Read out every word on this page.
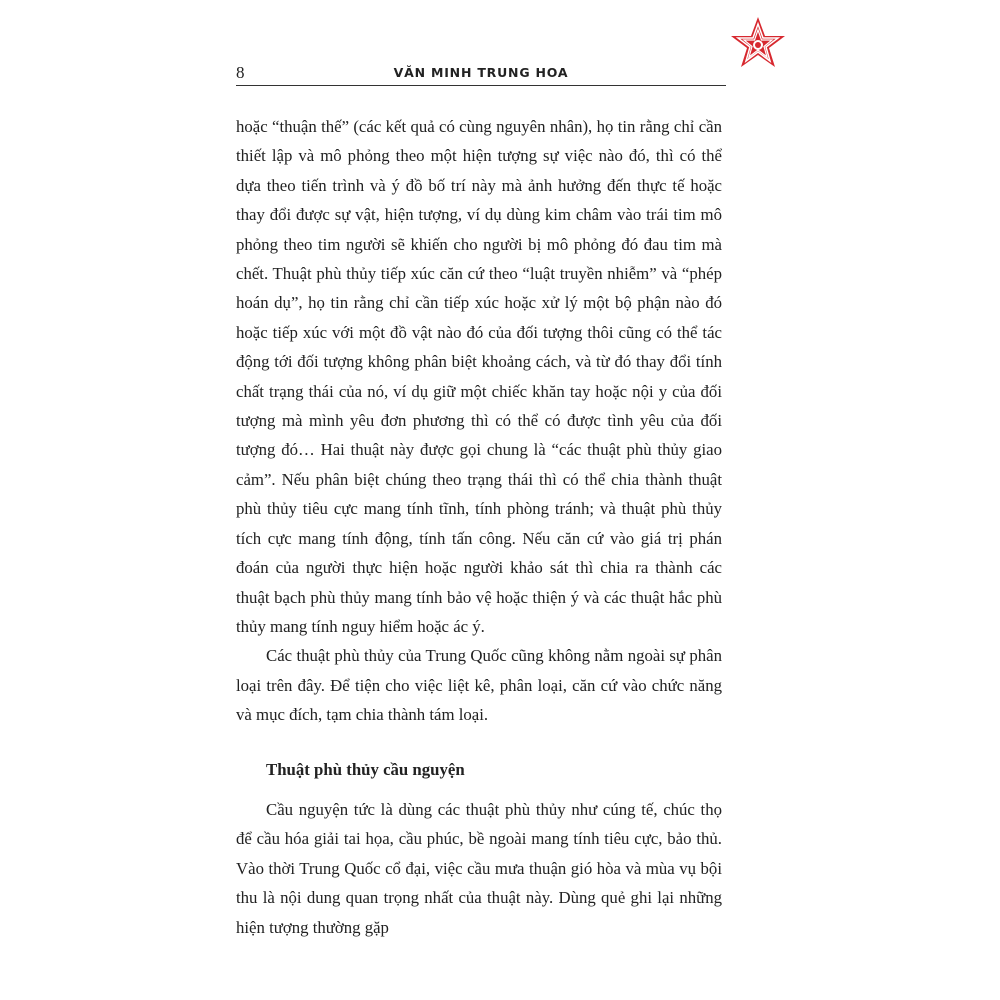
8	VĂN MINH TRUNG HOA

hoặc “thuận thế” (các kết quả có cùng nguyên nhân), họ tin rằng chỉ cần thiết lập và mô phỏng theo một hiện tượng sự việc nào đó, thì có thể dựa theo tiến trình và ý đồ bố trí này mà ảnh hưởng đến thực tế hoặc thay đổi được sự vật, hiện tượng, ví dụ dùng kim châm vào trái tim mô phỏng theo tim người sẽ khiến cho người bị mô phỏng đó đau tim mà chết. Thuật phù thủy tiếp xúc căn cứ theo “luật truyền nhiễm” và “phép hoán dụ”, họ tin rằng chỉ cần tiếp xúc hoặc xử lý một bộ phận nào đó hoặc tiếp xúc với một đồ vật nào đó của đối tượng thôi cũng có thể tác động tới đối tượng không phân biệt khoảng cách, và từ đó thay đổi tính chất trạng thái của nó, ví dụ giữ một chiếc khăn tay hoặc nội y của đối tượng mà mình yêu đơn phương thì có thể có được tình yêu của đối tượng đó… Hai thuật này được gọi chung là “các thuật phù thủy giao cảm”. Nếu phân biệt chúng theo trạng thái thì có thể chia thành thuật phù thủy tiêu cực mang tính tĩnh, tính phòng tránh; và thuật phù thủy tích cực mang tính động, tính tấn công. Nếu căn cứ vào giá trị phán đoán của người thực hiện hoặc người khảo sát thì chia ra thành các thuật bạch phù thủy mang tính bảo vệ hoặc thiện ý và các thuật hắc phù thủy mang tính nguy hiểm hoặc ác ý.

Các thuật phù thủy của Trung Quốc cũng không nằm ngoài sự phân loại trên đây. Để tiện cho việc liệt kê, phân loại, căn cứ vào chức năng và mục đích, tạm chia thành tám loại.

Thuật phù thủy cầu nguyện

Cầu nguyện tức là dùng các thuật phù thủy như cúng tế, chúc thọ để cầu hóa giải tai họa, cầu phúc, bề ngoài mang tính tiêu cực, bảo thủ. Vào thời Trung Quốc cổ đại, việc cầu mưa thuận gió hòa và mùa vụ bội thu là nội dung quan trọng nhất của thuật này. Dùng quẻ ghi lại những hiện tượng thường gặp
